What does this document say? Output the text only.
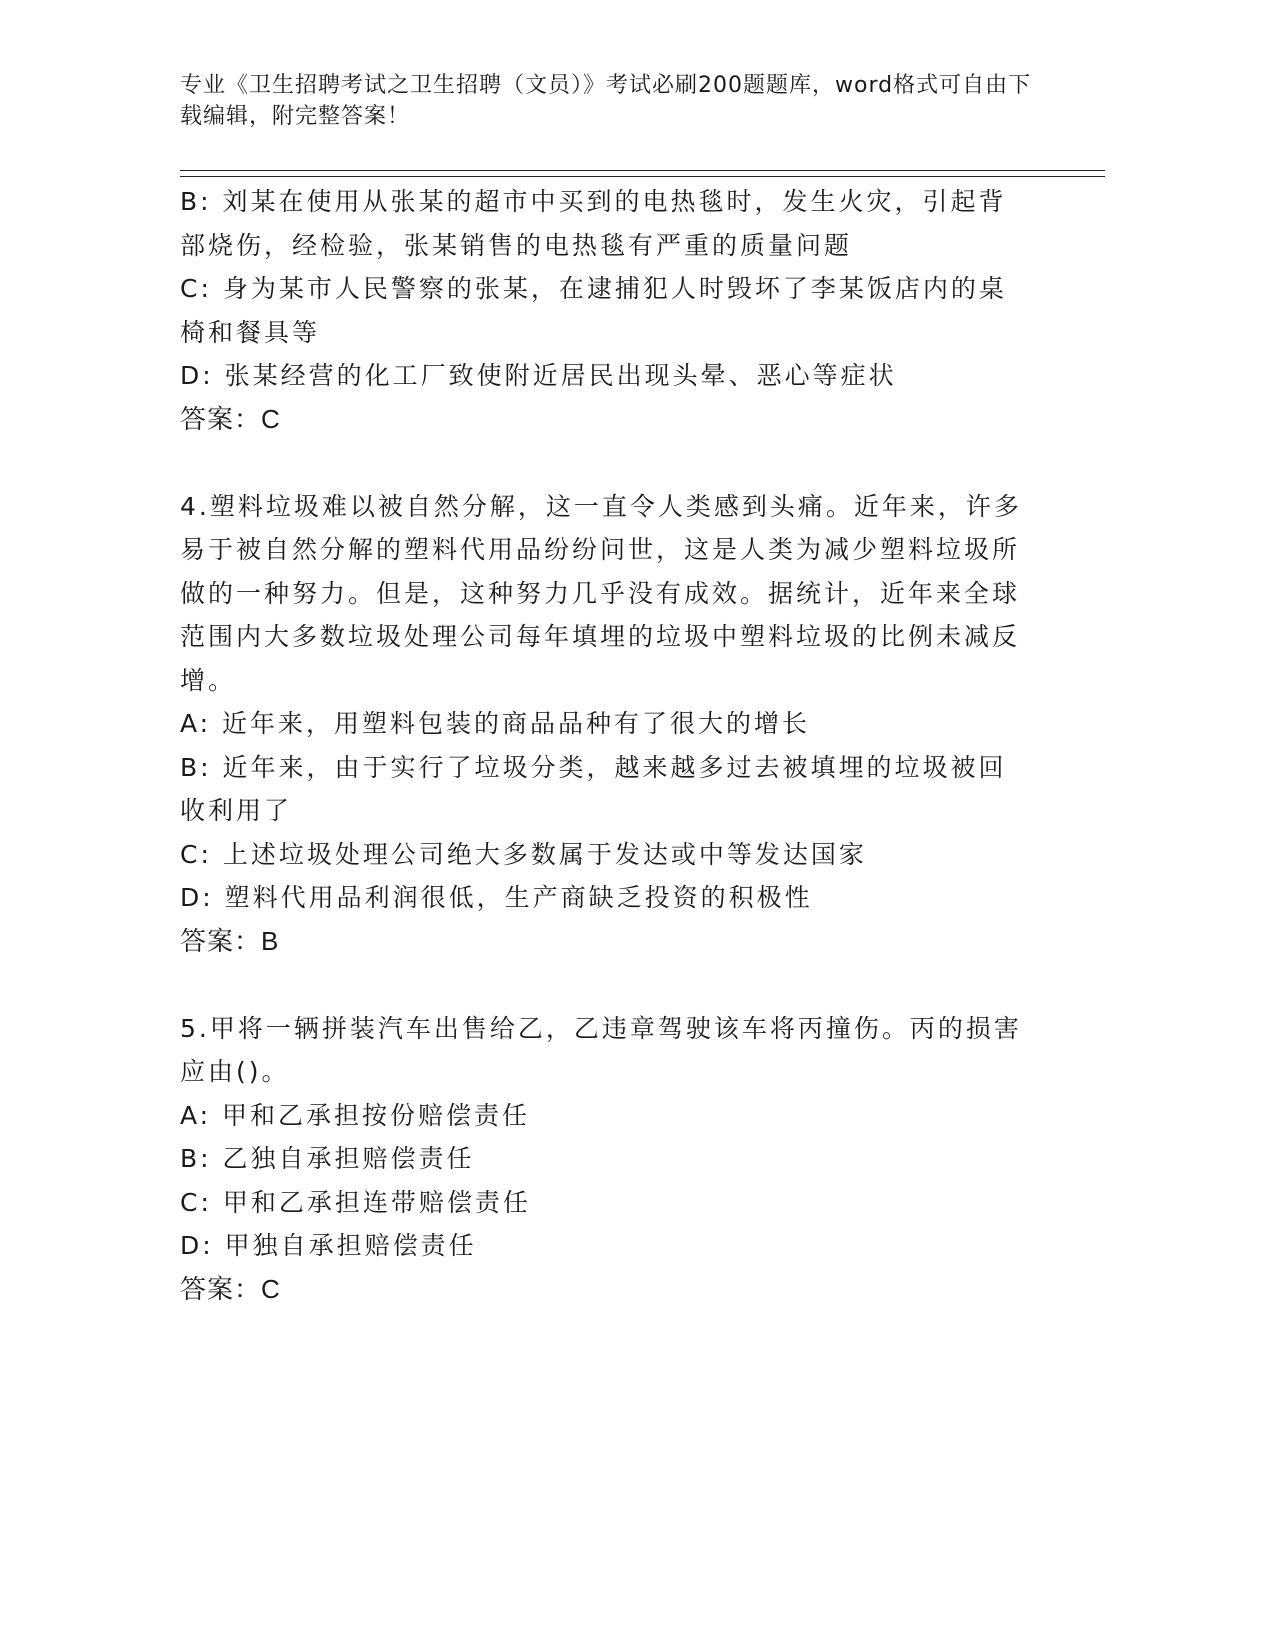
专业《卫生招聘考试之卫生招聘（文员）》考试必刷200题题库，word格式可自由下载编辑，附完整答案！

B: 刘某在使用从张某的超市中买到的电热毯时，发生火灾，引起背部烧伤，经检验，张某销售的电热毯有严重的质量问题

C: 身为某市人民警察的张某，在逮捕犯人时毁坏了李某饭店内的桌椅和餐具等

D: 张某经营的化工厂致使附近居民出现头晕、恶心等症状

答案：C

4.塑料垃圾难以被自然分解，这一直令人类感到头痛。近年来，许多易于被自然分解的塑料代用品纷纷问世，这是人类为减少塑料垃圾所做的一种努力。但是，这种努力几乎没有成效。据统计，近年来全球范围内大多数垃圾处理公司每年填埋的垃圾中塑料垃圾的比例未减反增。

A: 近年来，用塑料包装的商品品种有了很大的增长

B: 近年来，由于实行了垃圾分类，越来越多过去被填埋的垃圾被回收利用了

C: 上述垃圾处理公司绝大多数属于发达或中等发达国家

D: 塑料代用品利润很低，生产商缺乏投资的积极性

答案：B

5.甲将一辆拼装汽车出售给乙，乙违章驾驶该车将丙撞伤。丙的损害应由()。

A: 甲和乙承担按份赔偿责任

B: 乙独自承担赔偿责任

C: 甲和乙承担连带赔偿责任

D: 甲独自承担赔偿责任

答案：C
